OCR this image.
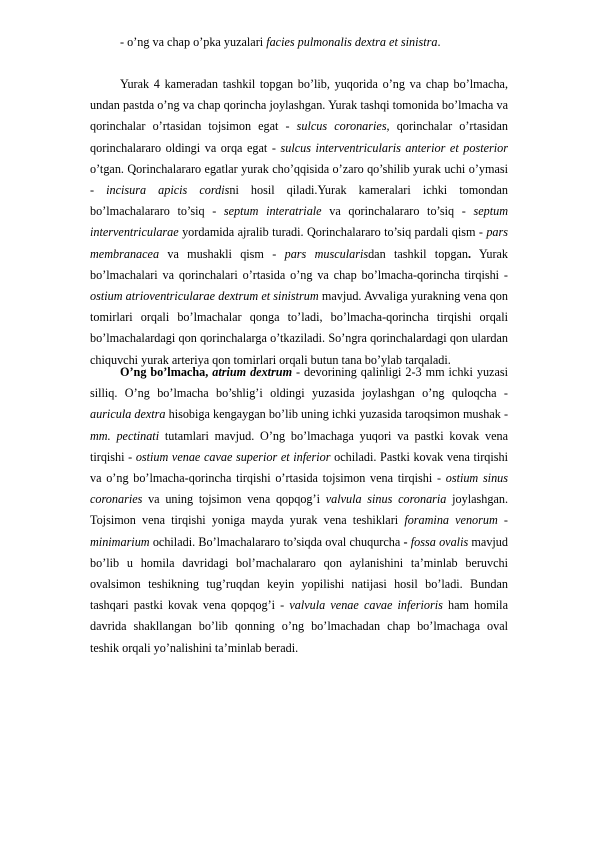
- o’ng va chap o’pka yuzalari facies pulmonalis dextra et sinistra.

Yurak 4 kameradan tashkil topgan bo’lib, yuqorida o’ng va chap bo’lmacha, undan pastda o’ng va chap qorincha joylashgan. Yurak tashqi tomonida bo’lmacha va qorinchalar o’rtasidan tojsimon egat - sulcus coronaries, qorinchalar o’rtasidan qorinchalararo oldingi va orqa egat - sulcus interventricularis anterior et posterior o’tgan. Qorinchalararo egatlar yurak cho’qqisida o’zaro qo’shilib yurak uchi o’ymasi - incisura apicis cordisni hosil qiladi.Yurak kameralari ichki tomondan bo’lmachalararo to’siq - septum interatriale va qorinchalararo to’siq - septum interventricularae yordamida ajralib turadi. Qorinchalararo to’siq pardali qism - pars membranacea va mushakli qism - pars muscularisdan tashkil topgan. Yurak bo’lmachalari va qorinchalari o’rtasida o’ng va chap bo’lmacha-qorincha tirqishi - ostium atrioventricularae dextrum et sinistrum mavjud. Avvaliga yurakning vena qon tomirlari orqali bo’lmachalar qonga to’ladi, bo’lmacha-qorincha tirqishi orqali bo’lmachalardagi qon qorinchalarga o’tkaziladi. So’ngra qorinchalardagi qon ulardan chiquvchi yurak arteriya qon tomirlari orqali butun tana bo’ylab tarqaladi.

O’ng bo’lmacha, atrium dextrum - devorining qalinligi 2-3 mm ichki yuzasi silliq. O’ng bo’lmacha bo’shlig’i oldingi yuzasida joylashgan o’ng quloqcha - auricula dextra hisobiga kengaygan bo’lib uning ichki yuzasida taroqsimon mushak - mm. pectinati tutamlari mavjud. O’ng bo’lmachaga yuqori va pastki kovak vena tirqishi - ostium venae cavae superior et inferior ochiladi. Pastki kovak vena tirqishi va o’ng bo’lmacha-qorincha tirqishi o’rtasida tojsimon vena tirqishi - ostium sinus coronaries va uning tojsimon vena qopqog’i valvula sinus coronaria joylashgan. Tojsimon vena tirqishi yoniga mayda yurak vena teshiklari foramina venorum - minimarium ochiladi. Bo’lmachalararo to’siqda oval chuqurcha - fossa ovalis mavjud bo’lib u homila davridagi bol’machalararo qon aylanishini ta’minlab beruvchi ovalsimon teshikning tug’ruqdan keyin yopilishi natijasi hosil bo’ladi. Bundan tashqari pastki kovak vena qopqog’i - valvula venae cavae inferioris ham homila davrida shakllangan bo’lib qonning o’ng bo’lmachadan chap bo’lmachaga oval teshik orqali yo’nalishini ta’minlab beradi.
